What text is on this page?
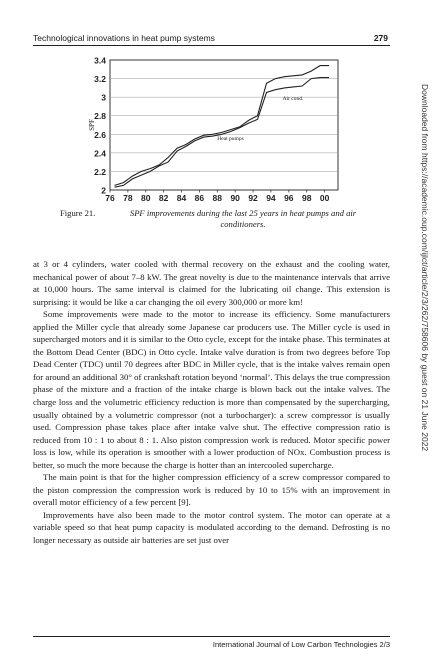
Technological innovations in heat pump systems	279
2
2.2
2.4
2.6
2.8
3
3.2
3.4
76 78 80 82 84 86 88 90 92 94 96 98 00
SPF
Air cond.
Heat pumps
Figure 21.	SPF improvements during the last 25 years in heat pumps and air conditioners.

at 3 or 4 cylinders, water cooled with thermal recovery on the exhaust and the cooling water, mechanical power of about 7–8 kW. The great novelty is due to the maintenance intervals that arrive at 10,000 hours. The same interval is claimed for the lubricating oil change. This extension is surprising: it would be like a car changing the oil every 300,000 or more km!

Some improvements were made to the motor to increase its efficiency. Some manufacturers applied the Miller cycle that already some Japanese car producers use. The Miller cycle is used in supercharged motors and it is similar to the Otto cycle, except for the intake phase. This terminates at the Bottom Dead Center (BDC) in Otto cycle. Intake valve duration is from two degrees before Top Dead Center (TDC) until 70 degrees after BDC in Miller cycle, that is the intake valves remain open for around an additional 30° of crankshaft rotation beyond ‘normal’. This delays the true compression phase of the mixture and a fraction of the intake charge is blown back out the intake valves. The charge loss and the volumetric efficiency reduction is more than compensated by the supercharging, usually obtained by a volumetric compressor (not a turbocharger): a screw compressor is usually used. Compression phase takes place after intake valve shut. The effective compression ratio is reduced from 10 : 1 to about 8 : 1. Also piston compression work is reduced. Motor specific power loss is low, while its operation is smoother with a lower production of NOx. Combustion process is better, so much the more because the charge is hotter than an intercooled supercharge.

The main point is that for the higher compression efficiency of a screw compressor compared to the piston compression the compression work is reduced by 10 to 15% with an improvement in overall motor efficiency of a few percent [9].

Improvements have also been made to the motor control system. The motor can operate at a variable speed so that heat pump capacity is modulated according to the demand. Defrosting is no longer necessary as outside air batteries are set just over

Downloaded from https://academic.oup.com/ijlct/article/2/3/262/758606 by guest on 21 June 2022
International Journal of Low Carbon Technologies 2/3
